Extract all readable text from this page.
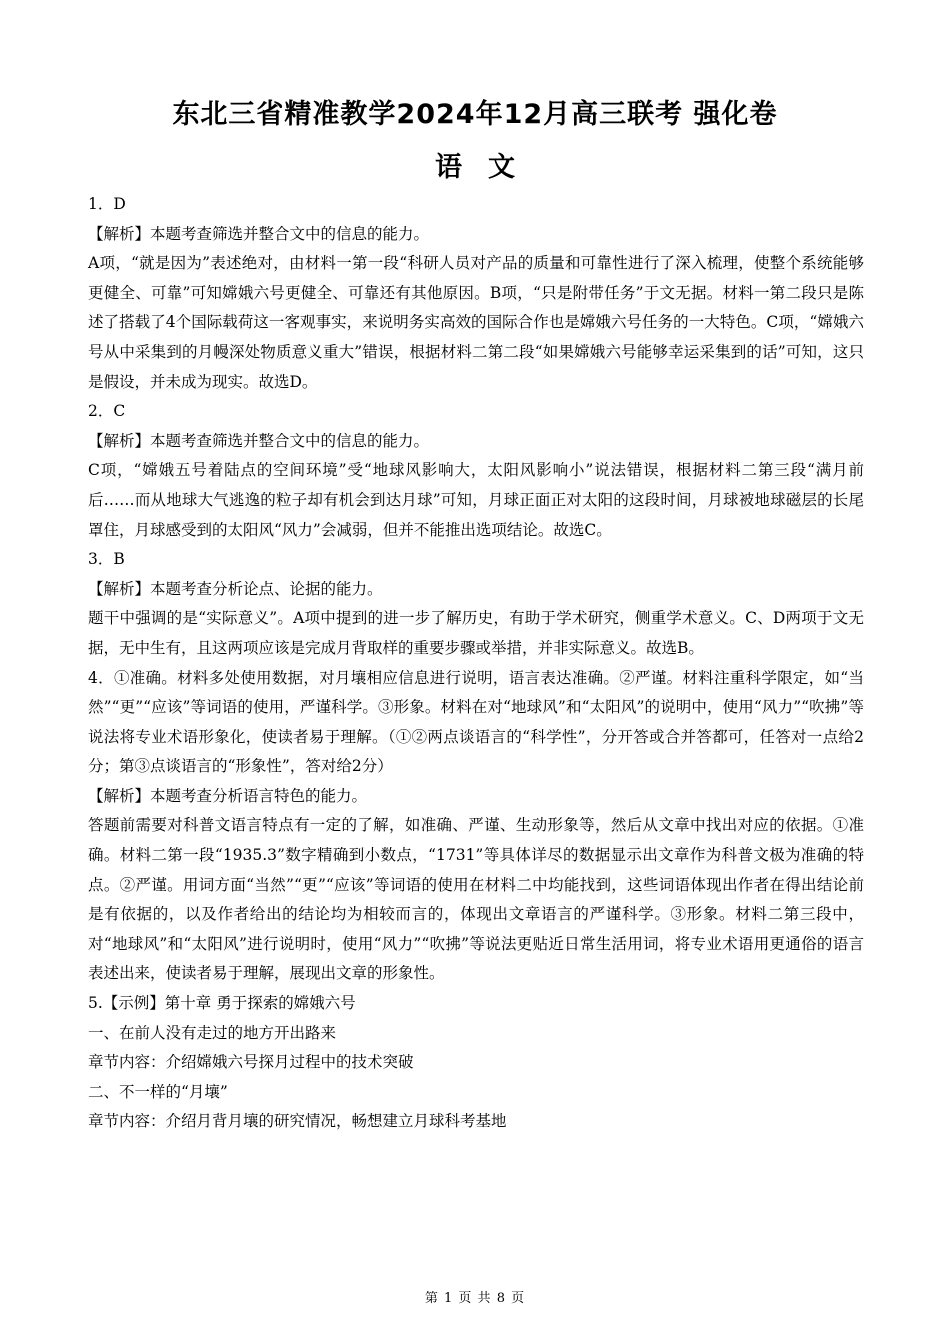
东北三省精准教学2024年12月高三联考 强化卷
语文

1．D

【解析】本题考查筛选并整合文中的信息的能力。

A项，“就是因为”表述绝对，由材料一第一段“科研人员对产品的质量和可靠性进行了深入梳理，使整个系统能够更健全、可靠”可知嫦娥六号更健全、可靠还有其他原因。B项，“只是附带任务”于文无据。材料一第二段只是陈述了搭载了4个国际载荷这一客观事实，来说明务实高效的国际合作也是嫦娥六号任务的一大特色。C项，“嫦娥六号从中采集到的月幔深处物质意义重大”错误，根据材料二第二段“如果嫦娥六号能够幸运采集到的话”可知，这只是假设，并未成为现实。故选D。

2．C

【解析】本题考查筛选并整合文中的信息的能力。

C项，“嫦娥五号着陆点的空间环境”受“地球风影响大，太阳风影响小”说法错误，根据材料二第三段“满月前后……而从地球大气逃逸的粒子却有机会到达月球”可知，月球正面正对太阳的这段时间，月球被地球磁层的长尾罩住，月球感受到的太阳风“风力”会减弱，但并不能推出选项结论。故选C。

3．B

【解析】本题考查分析论点、论据的能力。

题干中强调的是“实际意义”。A项中提到的进一步了解历史，有助于学术研究，侧重学术意义。C、D两项于文无据，无中生有，且这两项应该是完成月背取样的重要步骤或举措，并非实际意义。故选B。

4．①准确。材料多处使用数据，对月壤相应信息进行说明，语言表达准确。②严谨。材料注重科学限定，如“当然”“更”“应该”等词语的使用，严谨科学。③形象。材料在对“地球风”和“太阳风”的说明中，使用“风力”“吹拂”等说法将专业术语形象化，使读者易于理解。（①②两点谈语言的“科学性”，分开答或合并答都可，任答对一点给2分；第③点谈语言的“形象性”，答对给2分）

【解析】本题考查分析语言特色的能力。

答题前需要对科普文语言特点有一定的了解，如准确、严谨、生动形象等，然后从文章中找出对应的依据。①准确。材料二第一段“1935.3”数字精确到小数点，“1731”等具体详尽的数据显示出文章作为科普文极为准确的特点。②严谨。用词方面“当然”“更”“应该”等词语的使用在材料二中均能找到，这些词语体现出作者在得出结论前是有依据的，以及作者给出的结论均为相较而言的，体现出文章语言的严谨科学。③形象。材料二第三段中，对“地球风”和“太阳风”进行说明时，使用“风力”“吹拂”等说法更贴近日常生活用词，将专业术语用更通俗的语言表述出来，使读者易于理解，展现出文章的形象性。

5.【示例】第十章 勇于探索的嫦娥六号

一、在前人没有走过的地方开出路来

章节内容：介绍嫦娥六号探月过程中的技术突破

二、不一样的“月壤”

章节内容：介绍月背月壤的研究情况，畅想建立月球科考基地

第 1 页 共 8 页
